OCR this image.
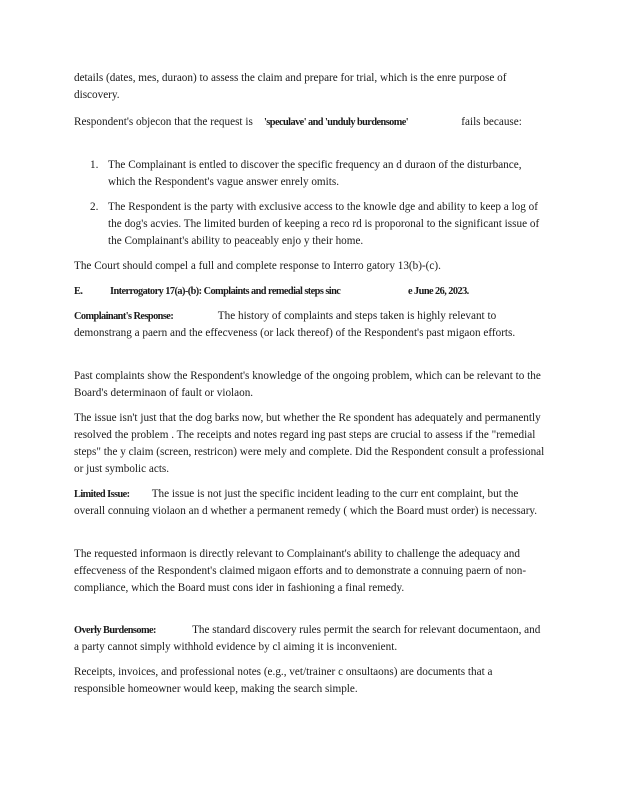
details (dates, mes, duraon) to assess the claim and prepare for trial, which is the enre purpose of discovery.

Respondent's objecon that the request is 'speculave' and 'unduly burdensome'	fails because:

1. The Complainant is entled to discover the specific frequency an d duraon of the disturbance, which the Respondent's vague answer enrely omits.

2. The Respondent is the party with exclusive access to the knowle dge and ability to keep a log of the dog's acvies. The limited burden of keeping a reco rd is proporonal to the significant issue of the Complainant's ability to peaceably enjo y their home.

The Court should compel a full and complete response to Interro gatory 13(b)-(c).

E.	Interrogatory 17(a)-(b): Complaints and remedial steps sinc	e June 26, 2023.

Complainant's Response:	The history of complaints and steps taken is highly relevant to demonstrang a paern and the effecveness (or lack thereof) of the Respondent's past migaon efforts.

Past complaints show the Respondent's knowledge of the ongoing problem, which can be relevant to the Board's determinaon of fault or violaon.

The issue isn't just that the dog barks now, but whether the Re spondent has adequately and permanently resolved the problem . The receipts and notes regard ing past steps are crucial to assess if the "remedial steps" the y claim (screen, restricon) were mely and complete. Did the Respondent consult a professional or just symbolic acts.

Limited Issue: The issue is not just the specific incident leading to the curr ent complaint, but the overall connuing violaon an d whether a permanent remedy ( which the Board must order) is necessary.

The requested informaon is directly relevant to Complainant's ability to challenge the adequacy and effecveness of the Respondent's claimed migaon efforts and to demonstrate a connuing paern of non-compliance, which the Board must cons ider in fashioning a final remedy.

Overly Burdensome:	The standard discovery rules permit the search for relevant documentaon, and a party cannot simply withhold evidence by cl aiming it is inconvenient.

Receipts, invoices, and professional notes (e.g., vet/trainer c onsultaons) are documents that a responsible homeowner would keep, making the search simple.
